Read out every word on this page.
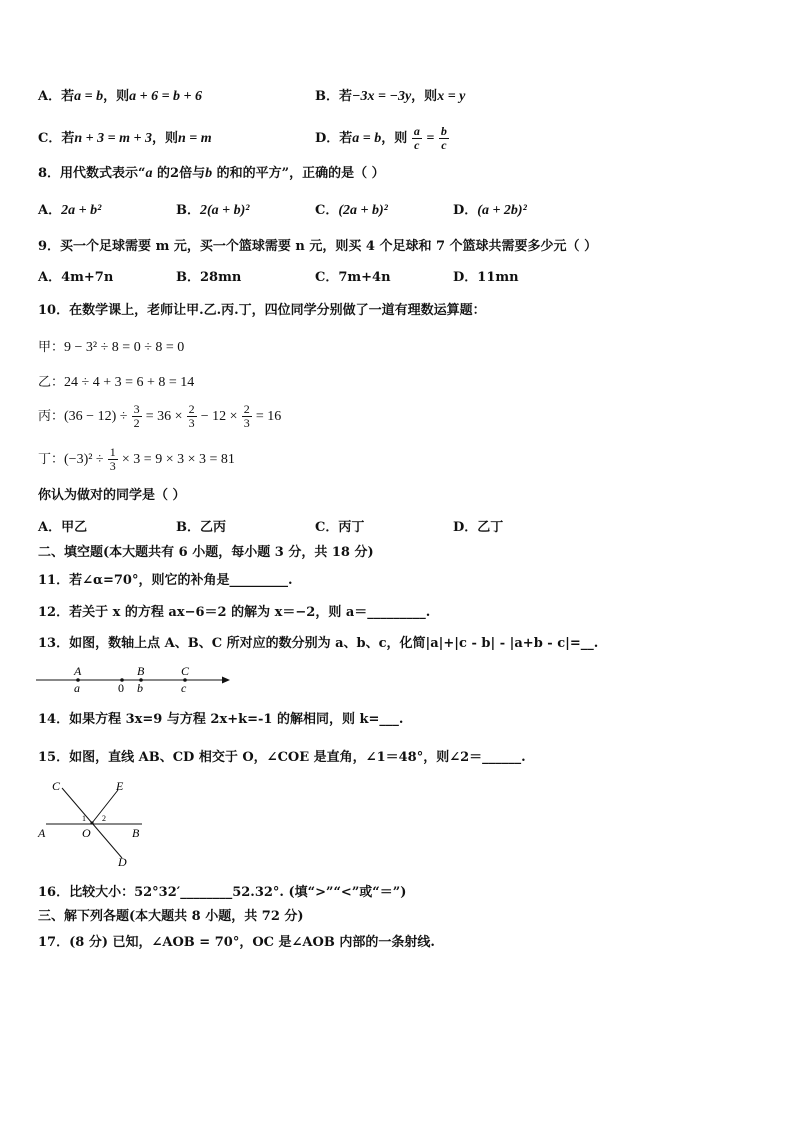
A．若a = b，则a + 6 = b + 6	B．若−3x = −3y，则x = y
C．若n + 3 = m + 3，则n = m	D．若a = b，则 $\frac{a}{c} = \frac{b}{c}$
8．用代数式表示“a 的2倍与b 的和的平方”，正确的是（ ）
A．2a + b²	B．2(a + b)²	C．(2a + b)²	D．(a + 2b)²
9．买一个足球需要 m 元，买一个篮球需要 n 元，则买 4 个足球和 7 个篮球共需要多少元（ ）
A．4m+7n	B．28mn	C．7m+4n	D．11mn
10．在数学课上，老师让甲.乙.丙.丁，四位同学分别做了一道有理数运算题：
甲：9 − 3² ÷ 8 = 0 ÷ 8 = 0
乙：24 ÷ 4 + 3 = 6 + 8 = 14
丙：$(36 - 12) \div \frac{3}{2} = 36 \times \frac{2}{3} - 12 \times \frac{2}{3} = 16$
丁：$(-3)^2 \div \frac{1}{3} \times 3 = 9 \times 3 \times 3 = 81$
你认为做对的同学是（ ）
A．甲乙	B．乙丙	C．丙丁	D．乙丁
二、填空题(本大题共有 6 小题，每小题 3 分，共 18 分)
11．若∠α=70°，则它的补角是_________.
12．若关于 x 的方程 ax−6＝2 的解为 x＝−2，则 a＝_________.
13．如图，数轴上点 A、B、C 所对应的数分别为 a、b、c，化简|a|+|c - b| - |a+b - c|=__.
A
a	0
B
b
C
c
14．如果方程 3x=9 与方程 2x+k=-1 的解相同，则 k=___.
15．如图，直线 AB、CD 相交于 O，∠COE 是直角，∠1＝48°，则∠2＝______.
C	E
A	O	B
D
1 2
16．比较大小：52°32′________52.32°. (填“>”“<”或“＝”)
三、解下列各题(本大题共 8 小题，共 72 分)
17．(8 分) 已知，∠AOB = 70°，OC 是∠AOB 内部的一条射线.
